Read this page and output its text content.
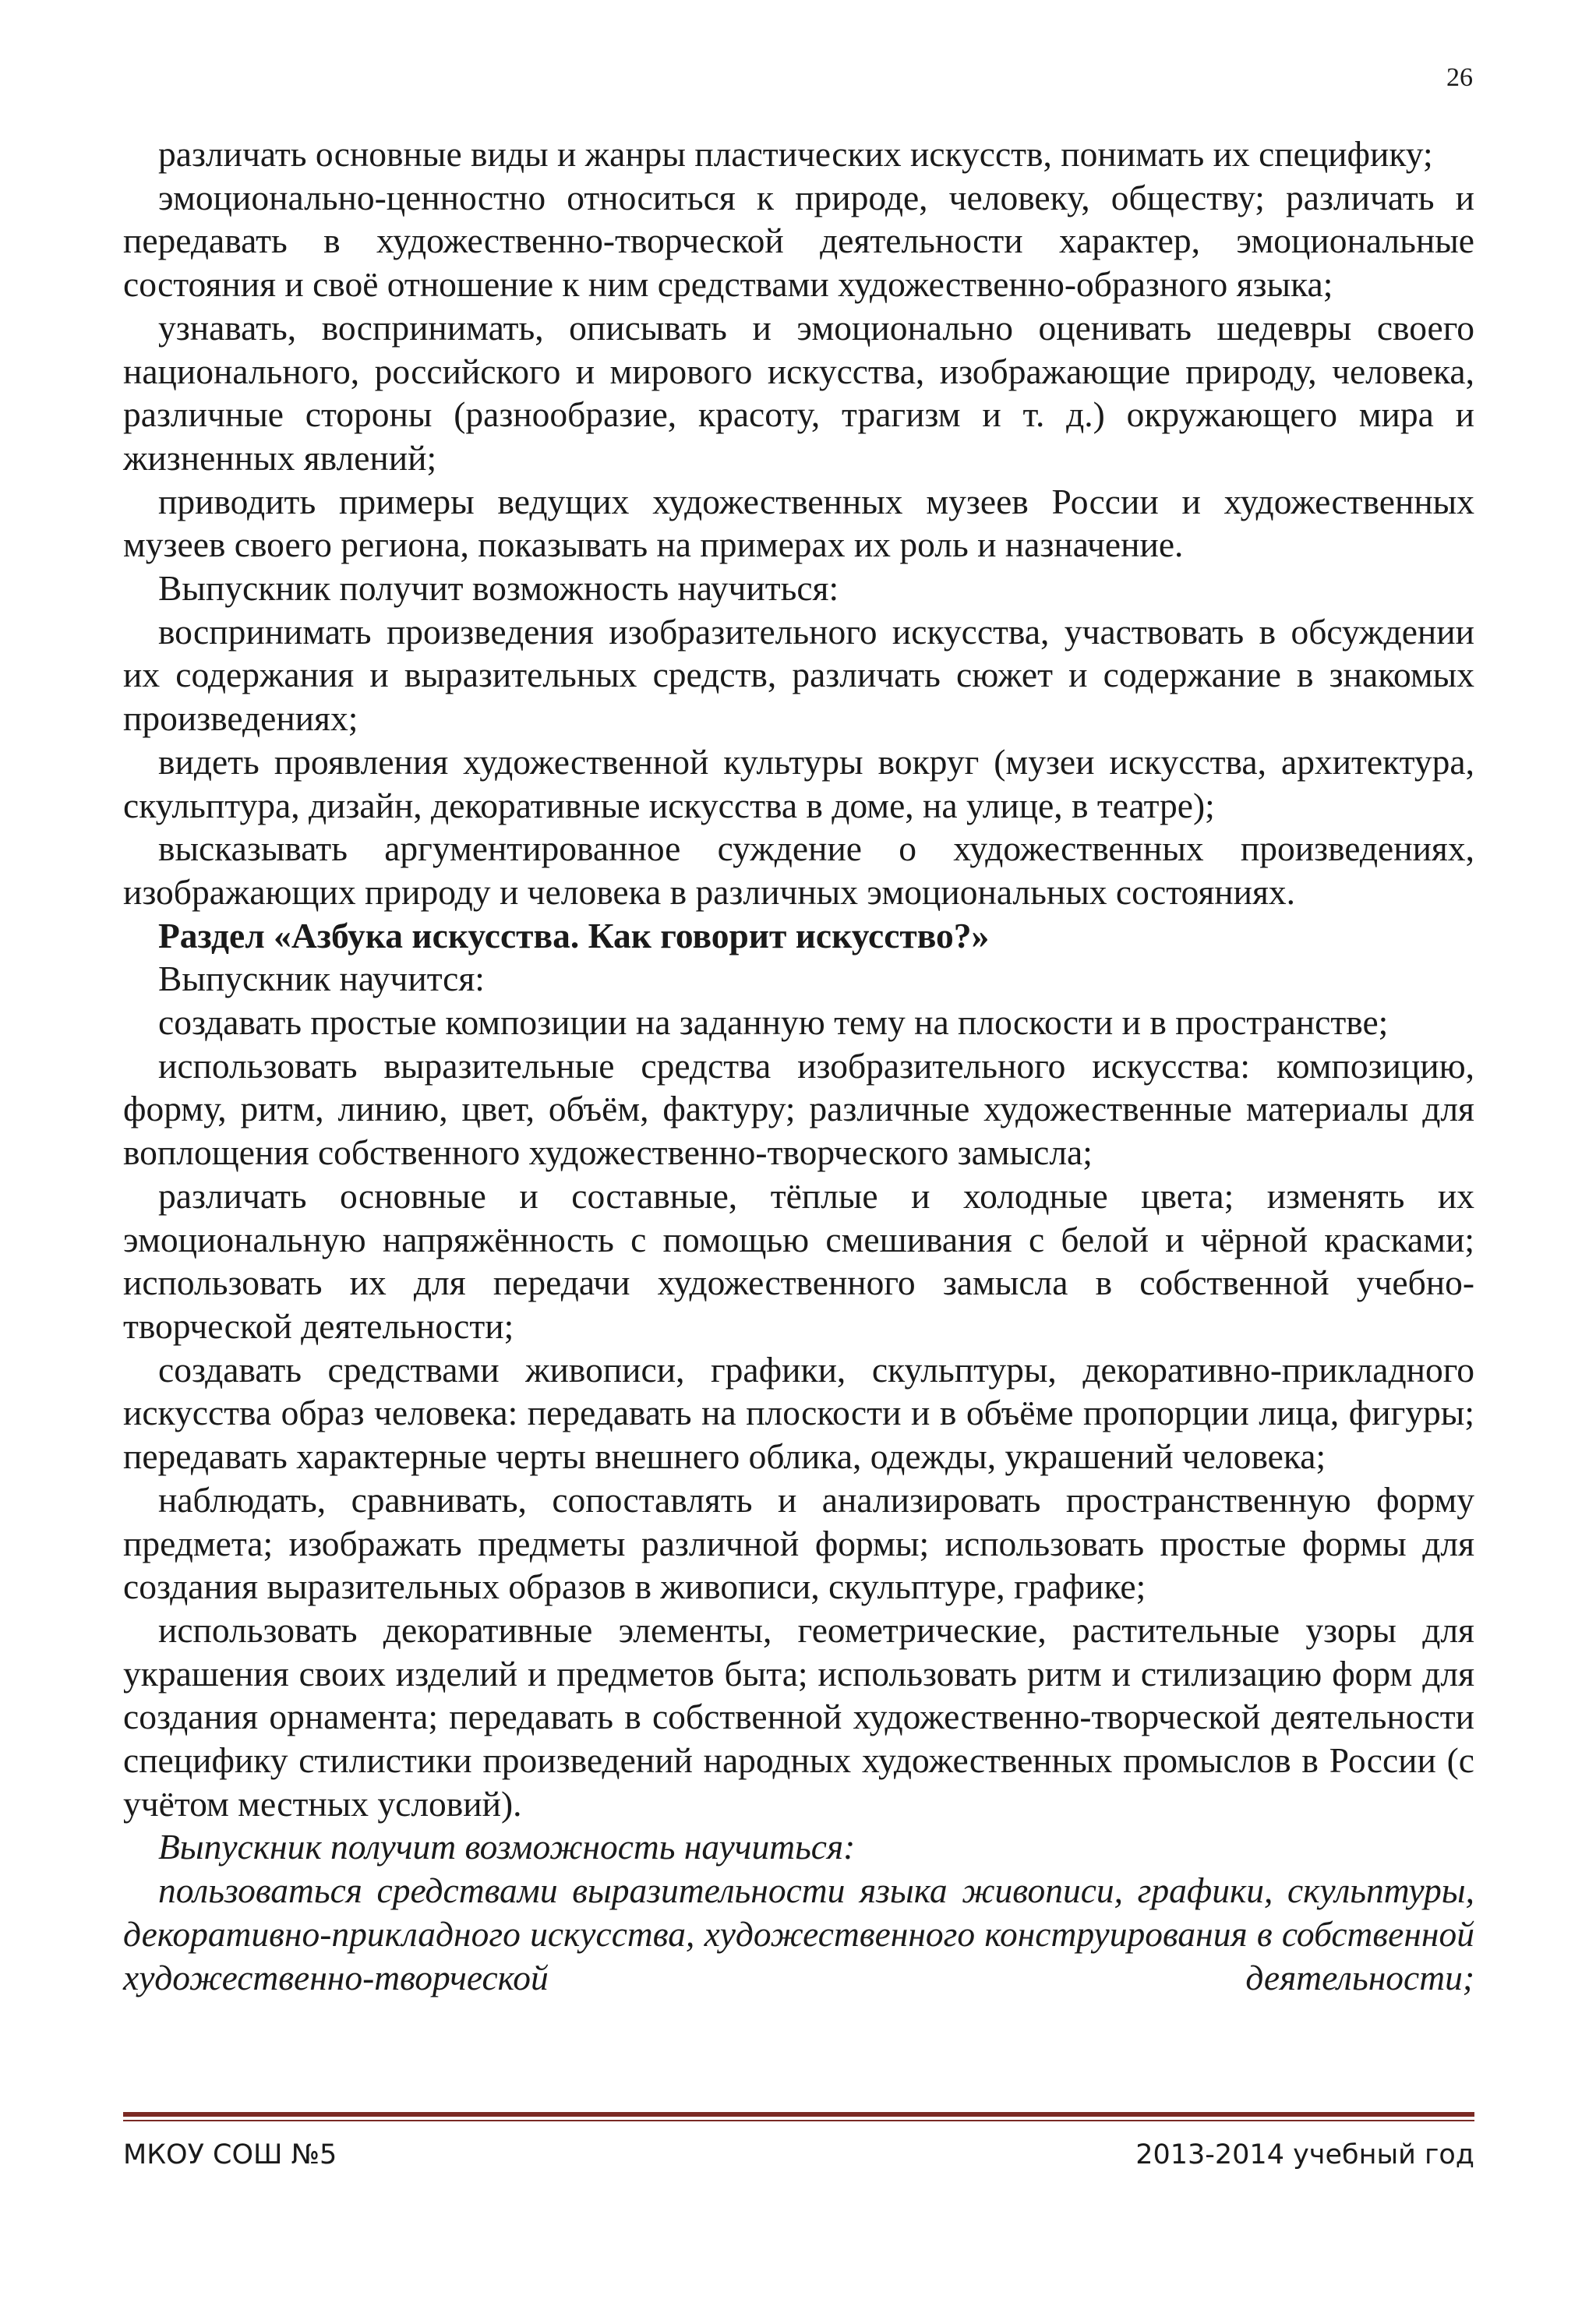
26

различать основные виды и жанры пластических искусств, понимать их специфику;

эмоционально-ценностно относиться к природе, человеку, обществу; различать и передавать в художественно-творческой деятельности характер, эмоциональные состояния и своё отношение к ним средствами художественно-образного языка;

узнавать, воспринимать, описывать и эмоционально оценивать шедевры своего национального, российского и мирового искусства, изображающие природу, человека, различные стороны (разнообразие, красоту, трагизм и т. д.) окружающего мира и жизненных явлений;

приводить примеры ведущих художественных музеев России и художественных музеев своего региона, показывать на примерах их роль и назначение.

Выпускник получит возможность научиться:

воспринимать произведения изобразительного искусства, участвовать в обсуждении их содержания и выразительных средств, различать сюжет и содержание в знакомых произведениях;

видеть проявления художественной культуры вокруг (музеи искусства, архитектура, скульптура, дизайн, декоративные искусства в доме, на улице, в театре);

высказывать аргументированное суждение о художественных произведениях, изображающих природу и человека в различных эмоциональных состояниях.

Раздел «Азбука искусства. Как говорит искусство?»

Выпускник научится:

создавать простые композиции на заданную тему на плоскости и в пространстве;

использовать выразительные средства изобразительного искусства: композицию, форму, ритм, линию, цвет, объём, фактуру; различные художественные материалы для воплощения собственного художественно-творческого замысла;

различать основные и составные, тёплые и холодные цвета; изменять их эмоциональную напряжённость с помощью смешивания с белой и чёрной красками; использовать их для передачи художественного замысла в собственной учебно-творческой деятельности;

создавать средствами живописи, графики, скульптуры, декоративно-прикладного искусства образ человека: передавать на плоскости и в объёме пропорции лица, фигуры; передавать характерные черты внешнего облика, одежды, украшений человека;

наблюдать, сравнивать, сопоставлять и анализировать пространственную форму предмета; изображать предметы различной формы; использовать простые формы для создания выразительных образов в живописи, скульптуре, графике;

использовать декоративные элементы, геометрические, растительные узоры для украшения своих изделий и предметов быта; использовать ритм и стилизацию форм для создания орнамента; передавать в собственной художественно-творческой деятельности специфику стилистики произведений народных художественных промыслов в России (с учётом местных условий).

Выпускник получит возможность научиться:

пользоваться средствами выразительности языка живописи, графики, скульптуры, декоративно-прикладного искусства, художественного конструирования в собственной художественно-творческой деятельности;

МКОУ СОШ №5	2013-2014 учебный год
